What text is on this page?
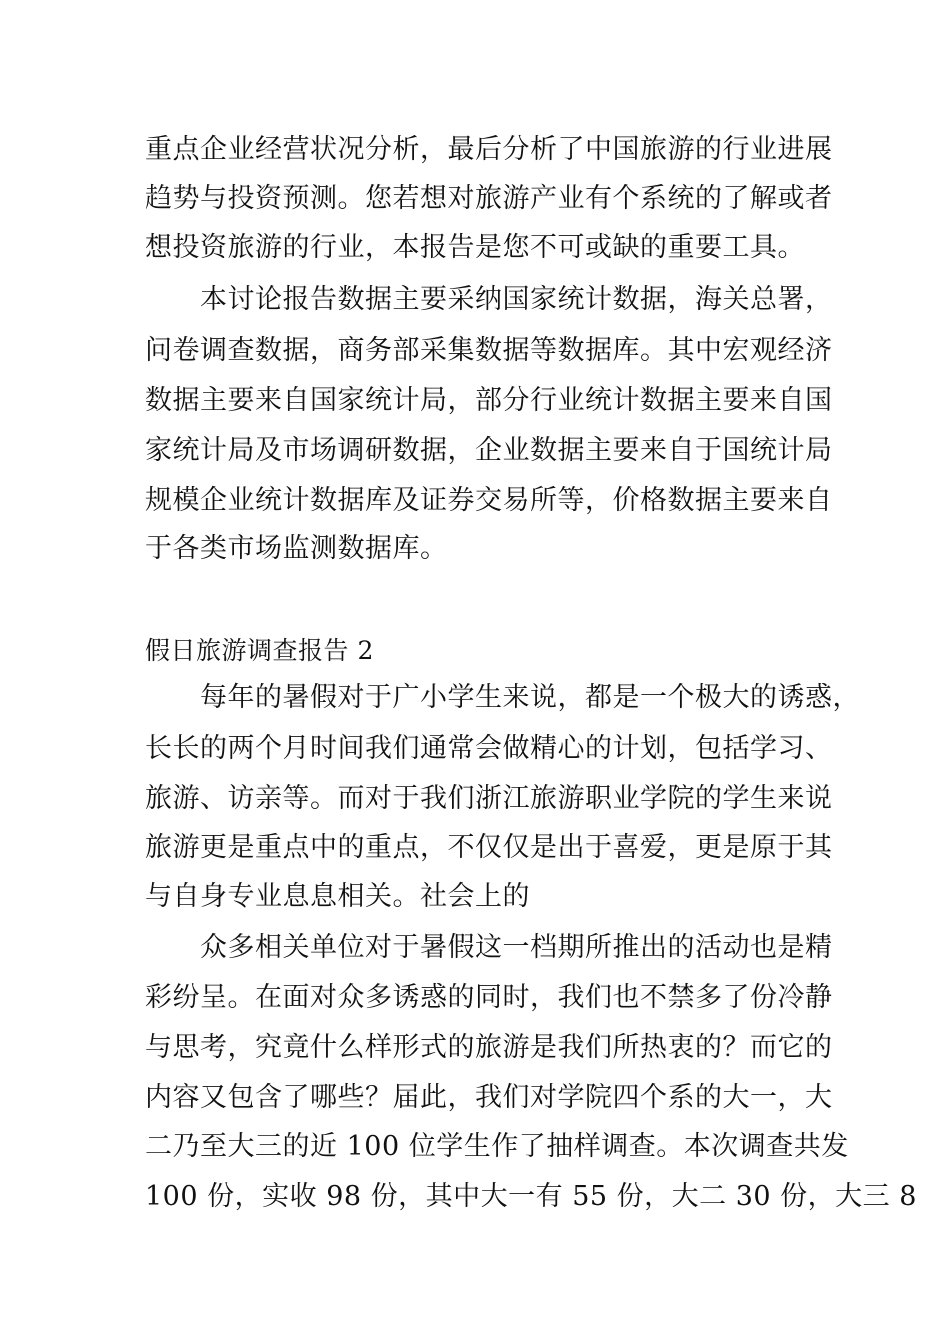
重点企业经营状况分析，最后分析了中国旅游的行业进展
趋势与投资预测。您若想对旅游产业有个系统的了解或者
想投资旅游的行业，本报告是您不可或缺的重要工具。
本讨论报告数据主要采纳国家统计数据，海关总署，
问卷调查数据，商务部采集数据等数据库。其中宏观经济
数据主要来自国家统计局，部分行业统计数据主要来自国
家统计局及市场调研数据，企业数据主要来自于国统计局
规模企业统计数据库及证券交易所等，价格数据主要来自
于各类市场监测数据库。
假日旅游调查报告 2
每年的暑假对于广小学生来说，都是一个极大的诱惑，
长长的两个月时间我们通常会做精心的计划，包括学习、
旅游、访亲等。而对于我们浙江旅游职业学院的学生来说
旅游更是重点中的重点，不仅仅是出于喜爱，更是原于其
与自身专业息息相关。社会上的
众多相关单位对于暑假这一档期所推出的活动也是精
彩纷呈。在面对众多诱惑的同时，我们也不禁多了份冷静
与思考，究竟什么样形式的旅游是我们所热衷的？而它的
内容又包含了哪些？届此，我们对学院四个系的大一，大
二乃至大三的近 100 位学生作了抽样调查。本次调查共发
100 份，实收 98 份，其中大一有 55 份，大二 30 份，大三 8
